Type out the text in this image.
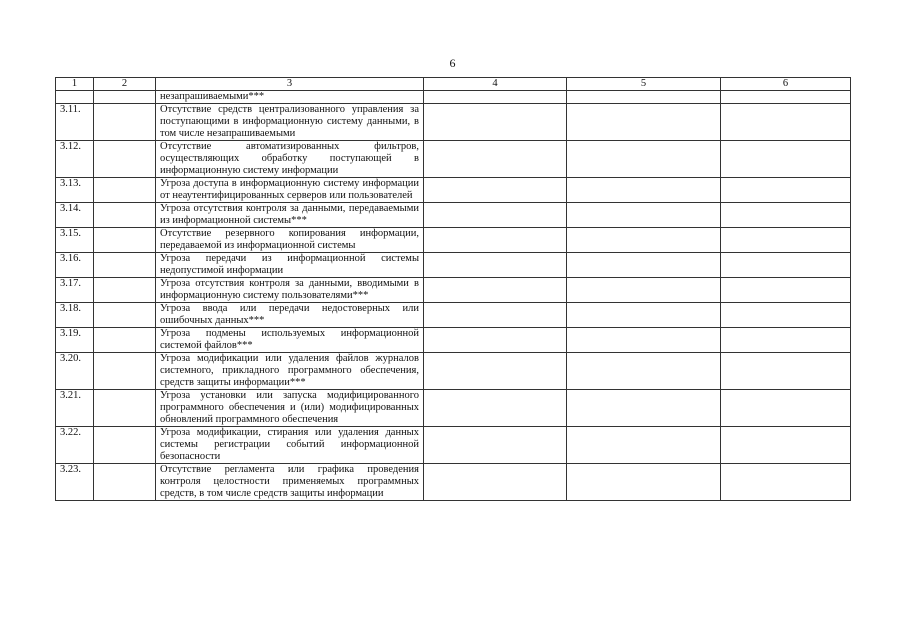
6
1	2	3	4	5	6
		незапрашиваемыми***			
3.11.		Отсутствие средств централизованного управления за поступающими в информационную систему данными, в том числе незапрашиваемыми			
3.12.		Отсутствие автоматизированных фильтров, осуществляющих обработку поступающей в информационную систему информации			
3.13.		Угроза доступа в информационную систему информации от неаутентифицированных серверов или пользователей			
3.14.		Угроза отсутствия контроля за данными, передаваемыми из информационной системы***			
3.15.		Отсутствие резервного копирования информации, передаваемой из информационной системы			
3.16.		Угроза передачи из информационной системы недопустимой информации			
3.17.		Угроза отсутствия контроля за данными, вводимыми в информационную систему пользователями***			
3.18.		Угроза ввода или передачи недостоверных или ошибочных данных***			
3.19.		Угроза подмены используемых информационной системой файлов***			
3.20.		Угроза модификации или удаления файлов журналов системного, прикладного программного обеспечения, средств защиты информации***			
3.21.		Угроза установки или запуска модифицированного программного обеспечения и (или) модифицированных обновлений программного обеспечения			
3.22.		Угроза модификации, стирания или удаления данных системы регистрации событий информационной безопасности			
3.23.		Отсутствие регламента или графика проведения контроля целостности применяемых программных средств, в том числе средств защиты информации			
